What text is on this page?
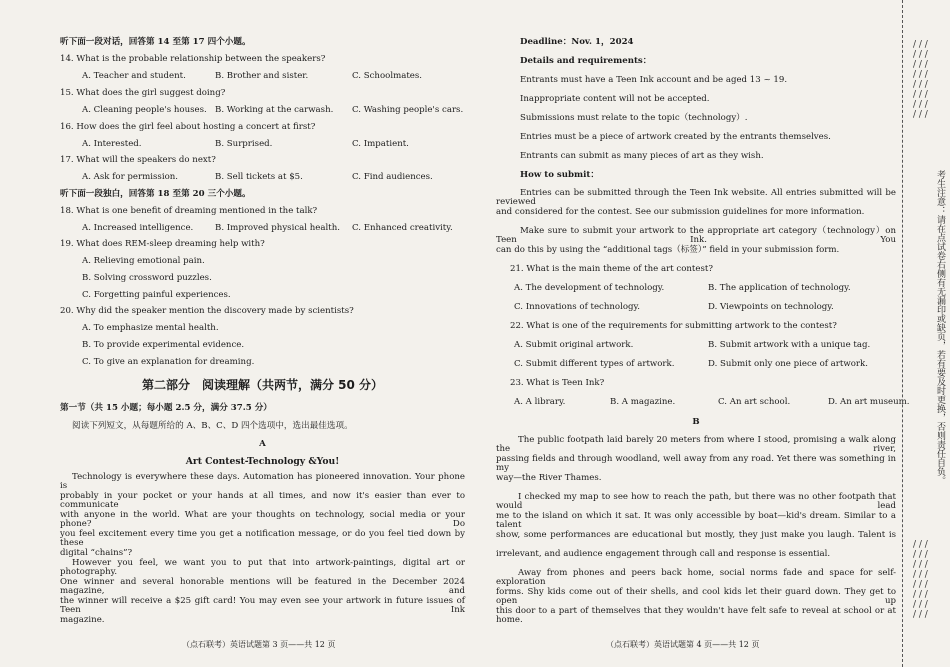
听下面一段对话，回答第 14 至第 17 四个小题。
14. What is the probable relationship between the speakers?
A. Teacher and student.	B. Brother and sister.	C. Schoolmates.
15. What does the girl suggest doing?
A. Cleaning people's houses. B. Working at the carwash. C. Washing people's cars.
16. How does the girl feel about hosting a concert at first?
A. Interested.	B. Surprised.	C. Impatient.
17. What will the speakers do next?
A. Ask for permission.	B. Sell tickets at $5.	C. Find audiences.
听下面一段独白，回答第 18 至第 20 三个小题。
18. What is one benefit of dreaming mentioned in the talk?
A. Increased intelligence.	B. Improved physical health. C. Enhanced creativity.
19. What does REM-sleep dreaming help with?
A. Relieving emotional pain.
B. Solving crossword puzzles.
C. Forgetting painful experiences.
20. Why did the speaker mention the discovery made by scientists?
A. To emphasize mental health.
B. To provide experimental evidence.
C. To give an explanation for dreaming.
第二部分　阅读理解（共两节，满分 50 分）
第一节（共 15 小题；每小题 2.5 分，满分 37.5 分）
阅读下列短文，从每题所给的 A、B、C、D 四个选项中，选出最佳选项。
A
Art Contest-Technology &You!
Technology is everywhere these days. Automation has pioneered innovation. Your phone is
probably in your pocket or your hands at all times, and now it's easier than ever to communicate
with anyone in the world. What are your thoughts on technology, social media or your phone? Do
you feel excitement every time you get a notification message, or do you feel tied down by these
digital “chains”?
However you feel, we want you to put that into artwork-paintings, digital art or photography.
One winner and several honorable mentions will be featured in the December 2024 magazine, and
the winner will receive a $25 gift card! You may even see your artwork in future issues of Teen Ink
magazine.
（点石联考）英语试题第 3 页——共 12 页
Deadline：Nov. 1，2024
Details and requirements：
Entrants must have a Teen Ink account and be aged 13 ~ 19.
Inappropriate content will not be accepted.
Submissions must relate to the topic（technology）.
Entries must be a piece of artwork created by the entrants themselves.
Entrants can submit as many pieces of art as they wish.
How to submit：
Entries can be submitted through the Teen Ink website. All entries submitted will be reviewed
and considered for the contest. See our submission guidelines for more information.
Make sure to submit your artwork to the appropriate art category（technology）on Teen Ink. You
can do this by using the “additional tags（标签）” field in your submission form.
21. What is the main theme of the art contest?
A. The development of technology.	B. The application of technology.
C. Innovations of technology.	D. Viewpoints on technology.
22. What is one of the requirements for submitting artwork to the contest?
A. Submit original artwork.	B. Submit artwork with a unique tag.
C. Submit different types of artwork.	D. Submit only one piece of artwork.
23. What is Teen Ink?
A. A library.	B. A magazine.	C. An art school.	D. An art museum.
B
The public footpath laid barely 20 meters from where I stood, promising a walk along the river,
passing fields and through woodland, well away from any road. Yet there was something in my
way—the River Thames.
I checked my map to see how to reach the path, but there was no other footpath that would lead
me to the island on which it sat. It was only accessible by boat—kid's dream. Similar to a talent
show, some performances are educational but mostly, they just make you laugh. Talent is
irrelevant, and audience engagement through call and response is essential.
Away from phones and peers back home, social norms fade and space for self-exploration
forms. Shy kids come out of their shells, and cool kids let their guard down. They get to open up
this door to a part of themselves that they wouldn't have felt safe to reveal at school or at home.
（点石联考）英语试题第 4 页——共 12 页
/ / /
/ / /
/ / /
/ / /
/ / /
/ / /
/ / /
/ / /
考生注意：请在点试卷右侧有无漏印或缺页，若有要及时更换，否则责任自负。
/ / /
/ / /
/ / /
/ / /
/ / /
/ / /
/ / /
/ / /
